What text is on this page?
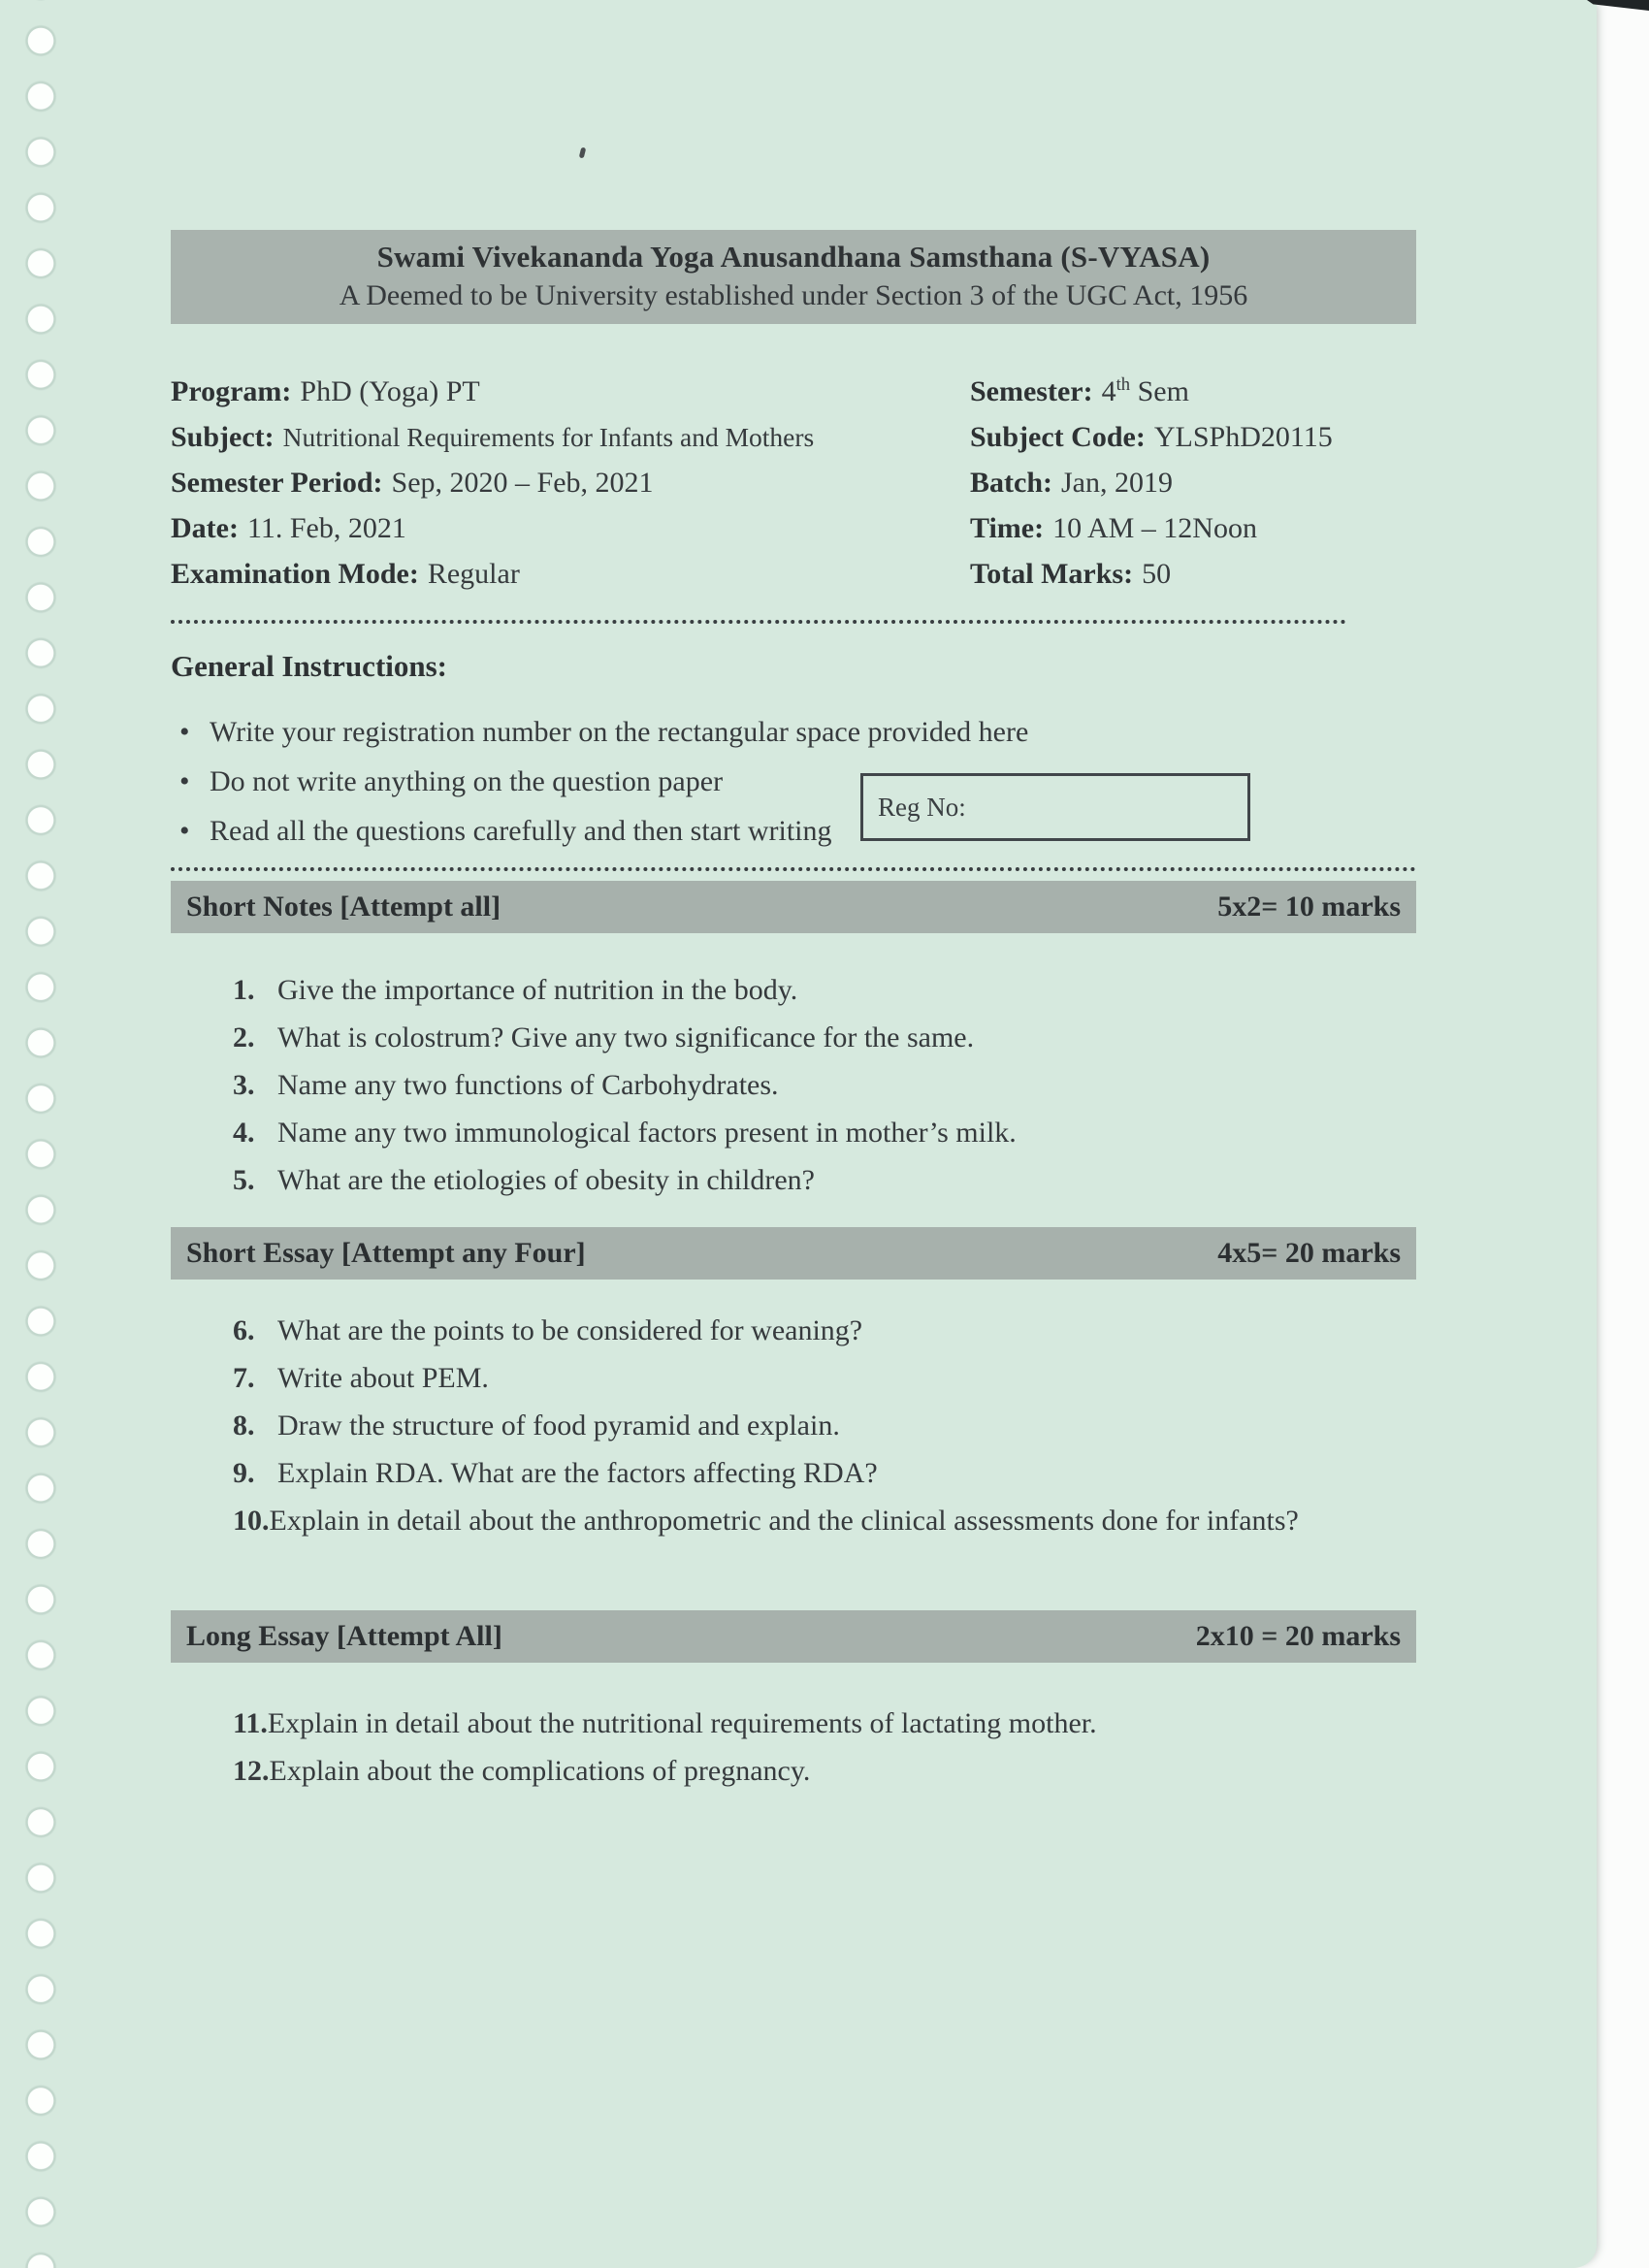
Swami Vivekananda Yoga Anusandhana Samsthana (S-VYASA)
A Deemed to be University established under Section 3 of the UGC Act, 1956
Program: PhD (Yoga) PT
Subject: Nutritional Requirements for Infants and Mothers
Semester Period: Sep, 2020 – Feb, 2021
Date: 11. Feb, 2021
Examination Mode: Regular
Semester: 4th Sem
Subject Code: YLSPhD20115
Batch: Jan, 2019
Time: 10 AM – 12Noon
Total Marks: 50
General Instructions:
• Write your registration number on the rectangular space provided here
• Do not write anything on the question paper
• Read all the questions carefully and then start writing
Short Notes [Attempt all]	5x2= 10 marks
1. Give the importance of nutrition in the body.
2. What is colostrum? Give any two significance for the same.
3. Name any two functions of Carbohydrates.
4. Name any two immunological factors present in mother’s milk.
5. What are the etiologies of obesity in children?
Short Essay [Attempt any Four]	4x5= 20 marks
6. What are the points to be considered for weaning?
7. Write about PEM.
8. Draw the structure of food pyramid and explain.
9. Explain RDA. What are the factors affecting RDA?
10. Explain in detail about the anthropometric and the clinical assessments done for infants?
Long Essay [Attempt All]	2x10 = 20 marks
11. Explain in detail about the nutritional requirements of lactating mother.
12. Explain about the complications of pregnancy.
Reg No:
